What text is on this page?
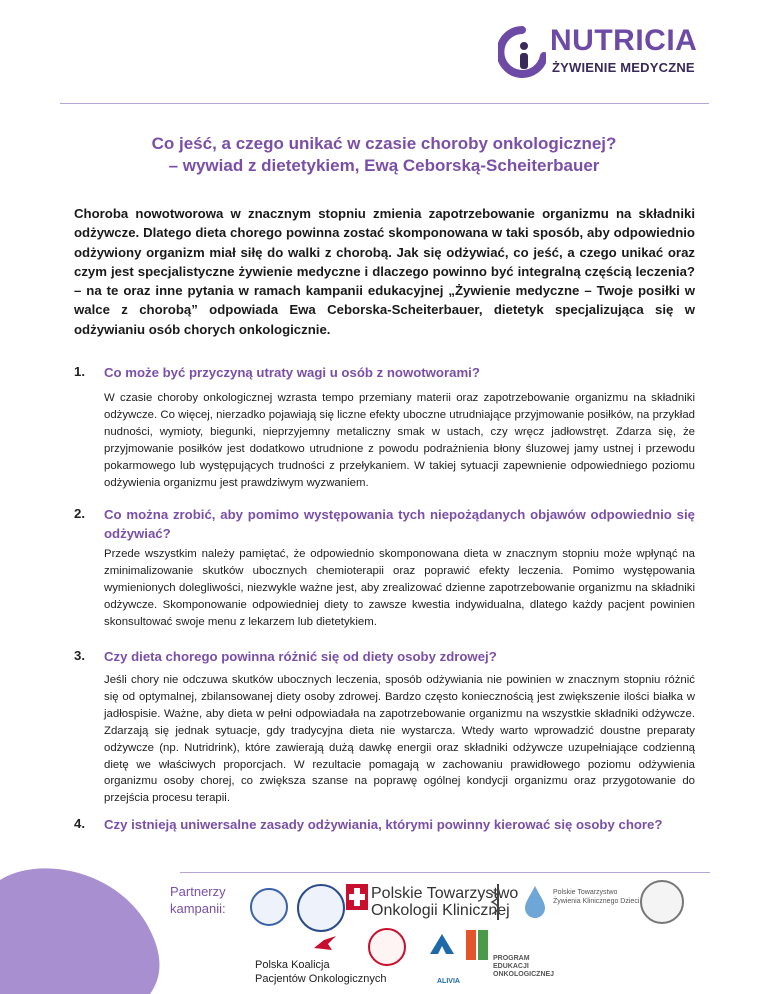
NUTRICIA
ŻYWIENIE MEDYCZNE
Co jeść, a czego unikać w czasie choroby onkologicznej?
– wywiad z dietetykiem, Ewą Ceborską-Scheiterbauer
Choroba nowotworowa w znacznym stopniu zmienia zapotrzebowanie organizmu na składniki odżywcze. Dlatego dieta chorego powinna zostać skomponowana w taki sposób, aby odpowiednio odżywiony organizm miał siłę do walki z chorobą. Jak się odżywiać, co jeść, a czego unikać oraz czym jest specjalistyczne żywienie medyczne i dlaczego powinno być integralną częścią leczenia? – na te oraz inne pytania w ramach kampanii edukacyjnej „Żywienie medyczne – Twoje posiłki w walce z chorobą” odpowiada Ewa Ceborska-Scheiterbauer, dietetyk specjalizująca się w odżywianiu osób chorych onkologicznie.
1. Co może być przyczyną utraty wagi u osób z nowotworami?
W czasie choroby onkologicznej wzrasta tempo przemiany materii oraz zapotrzebowanie organizmu na składniki odżywcze. Co więcej, nierzadko pojawiają się liczne efekty uboczne utrudniające przyjmowanie posiłków, na przykład nudności, wymioty, biegunki, nieprzyjemny metaliczny smak w ustach, czy wręcz jadłowstręt. Zdarza się, że przyjmowanie posiłków jest dodatkowo utrudnione z powodu podrażnienia błony śluzowej jamy ustnej i przewodu pokarmowego lub występujących trudności z przełykaniem. W takiej sytuacji zapewnienie odpowiedniego poziomu odżywienia organizmu jest prawdziwym wyzwaniem.
2. Co można zrobić, aby pomimo występowania tych niepożądanych objawów odpowiednio się odżywiać?
Przede wszystkim należy pamiętać, że odpowiednio skomponowana dieta w znacznym stopniu może wpłynąć na zminimalizowanie skutków ubocznych chemioterapii oraz poprawić efekty leczenia. Pomimo występowania wymienionych dolegliwości, niezwykle ważne jest, aby zrealizować dzienne zapotrzebowanie organizmu na składniki odżywcze. Skomponowanie odpowiedniej diety to zawsze kwestia indywidualna, dlatego każdy pacjent powinien skonsultować swoje menu z lekarzem lub dietetykiem.
3. Czy dieta chorego powinna różnić się od diety osoby zdrowej?
Jeśli chory nie odczuwa skutków ubocznych leczenia, sposób odżywiania nie powinien w znacznym stopniu różnić się od optymalnej, zbilansowanej diety osoby zdrowej. Bardzo często koniecznością jest zwiększenie ilości białka w jadłospisie. Ważne, aby dieta w pełni odpowiadała na zapotrzebowanie organizmu na wszystkie składniki odżywcze. Zdarzają się jednak sytuacje, gdy tradycyjna dieta nie wystarcza. Wtedy warto wprowadzić doustne preparaty odżywcze (np. Nutridrink), które zawierają dużą dawkę energii oraz składniki odżywcze uzupełniające codzienną dietę we właściwych proporcjach. W rezultacie pomagają w zachowaniu prawidłowego poziomu odżywienia organizmu osoby chorej, co zwiększa szanse na poprawę ogólnej kondycji organizmu oraz przygotowanie do przejścia procesu terapii.
4. Czy istnieją uniwersalne zasady odżywiania, którymi powinny kierować się osoby chore?
Partnerzy
kampanii:
Polskie Towarzystwo
Onkologii Klinicznej
Polskie Towarzystwo
Żywienia Klinicznego Dzieci
Polska Koalicja
Pacjentów Onkologicznych	ALIVIA
PROGRAM
EDUKACJI
ONKOLOGICZNEJ
